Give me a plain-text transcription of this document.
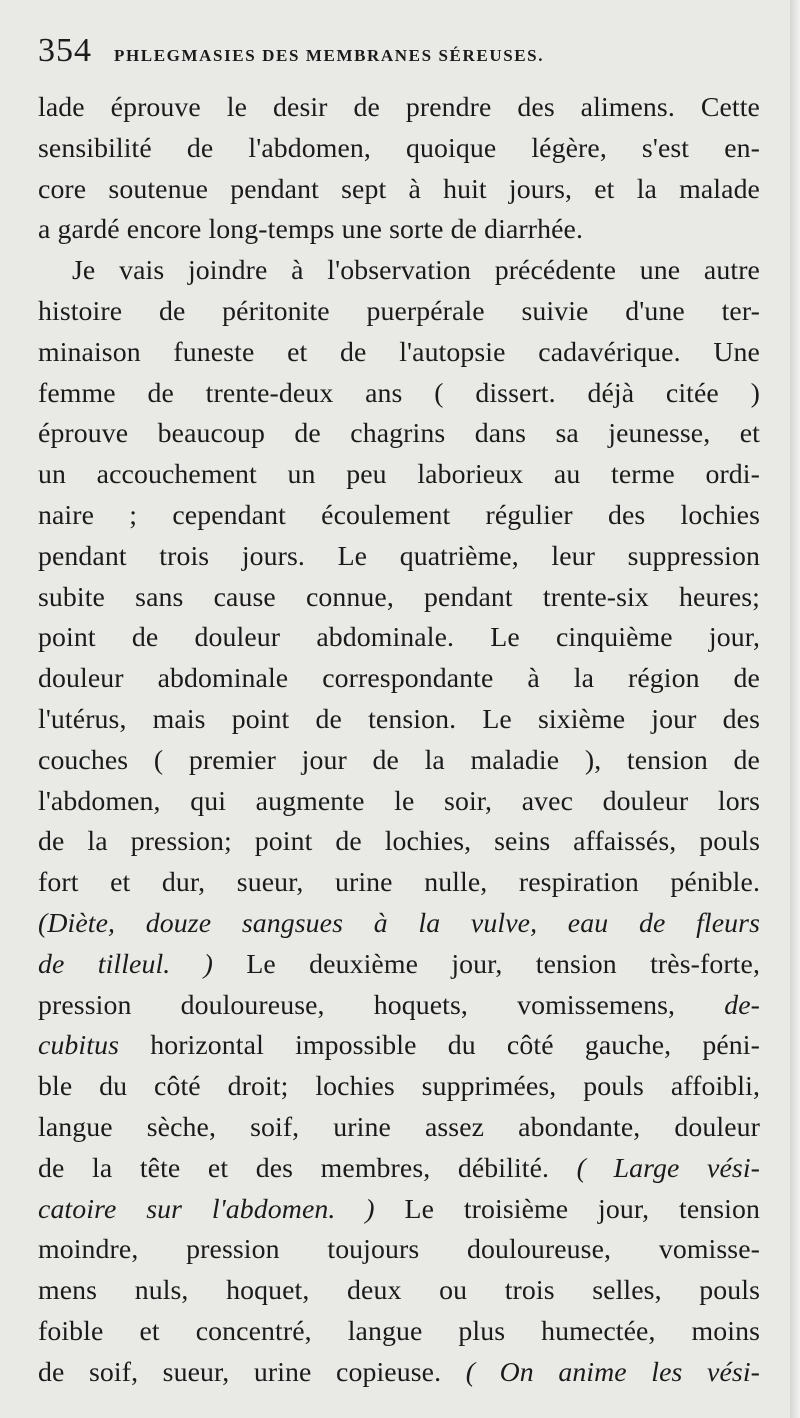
354 PHLEGMASIES DES MEMBRANES SÉREUSES.
lade éprouve le desir de prendre des alimens. Cette
sensibilité de l'abdomen, quoique légère, s'est en-
core soutenue pendant sept à huit jours, et la malade
a gardé encore long-temps une sorte de diarrhée.
Je vais joindre à l'observation précédente une autre
histoire de péritonite puerpérale suivie d'une ter-
minaison funeste et de l'autopsie cadavérique. Une
femme de trente-deux ans ( dissert. déjà citée )
éprouve beaucoup de chagrins dans sa jeunesse, et
un accouchement un peu laborieux au terme ordi-
naire ; cependant écoulement régulier des lochies
pendant trois jours. Le quatrième, leur suppression
subite sans cause connue, pendant trente-six heures;
point de douleur abdominale. Le cinquième jour,
douleur abdominale correspondante à la région de
l'utérus, mais point de tension. Le sixième jour des
couches ( premier jour de la maladie ), tension de
l'abdomen, qui augmente le soir, avec douleur lors
de la pression; point de lochies, seins affaissés, pouls
fort et dur, sueur, urine nulle, respiration pénible.
(Diète, douze sangsues à la vulve, eau de fleurs
de tilleul. ) Le deuxième jour, tension très-forte,
pression douloureuse, hoquets, vomissemens, de-
cubitus horizontal impossible du côté gauche, péni-
ble du côté droit; lochies supprimées, pouls affoibli,
langue sèche, soif, urine assez abondante, douleur
de la tête et des membres, débilité. ( Large vési-
catoire sur l'abdomen. ) Le troisième jour, tension
moindre, pression toujours douloureuse, vomisse-
mens nuls, hoquet, deux ou trois selles, pouls
foible et concentré, langue plus humectée, moins
de soif, sueur, urine copieuse. ( On anime les vési-
